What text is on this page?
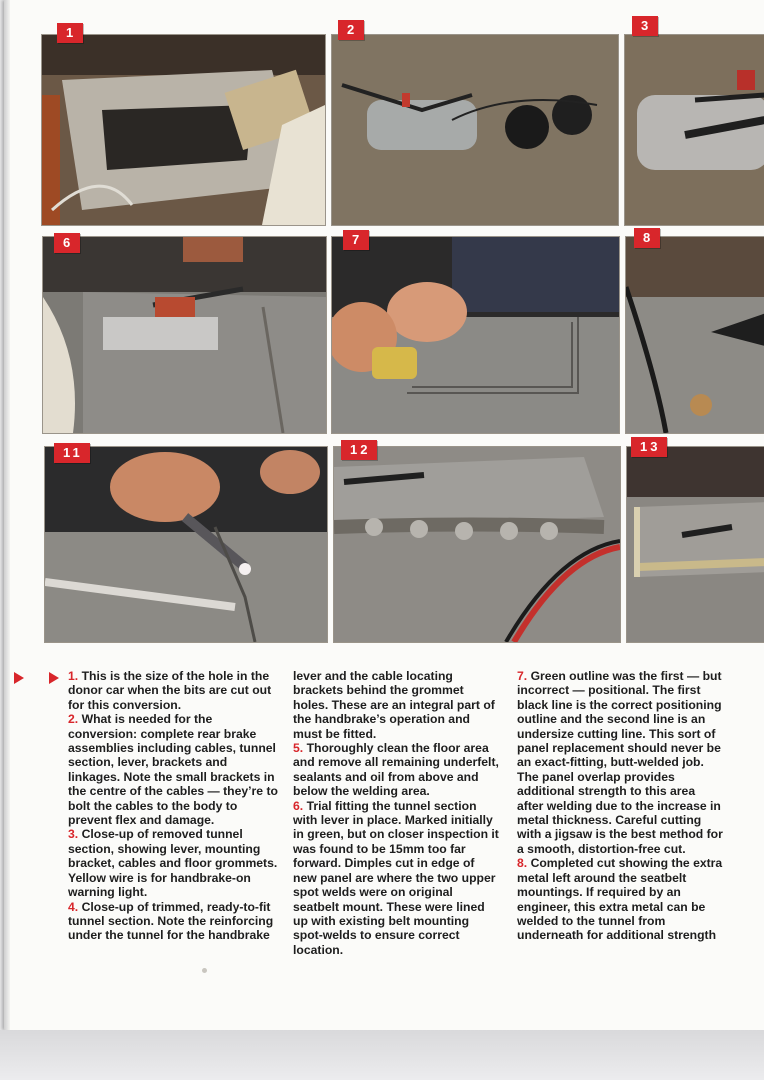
1	2	3
6	7	8
11	12	13

1. This is the size of the hole in the donor car when the bits are cut out for this conversion.

2. What is needed for the conversion: complete rear brake assemblies including cables, tunnel section, lever, brackets and linkages. Note the small brackets in the centre of the cables — they’re to bolt the cables to the body to prevent flex and damage.

3. Close-up of removed tunnel section, showing lever, mounting bracket, cables and floor grommets. Yellow wire is for handbrake-on warning light.

4. Close-up of trimmed, ready-to-fit tunnel section. Note the reinforcing under the tunnel for the handbrake

lever and the cable locating brackets behind the grommet holes. These are an integral part of the handbrake’s operation and must be fitted.

5. Thoroughly clean the floor area and remove all remaining underfelt, sealants and oil from above and below the welding area.

6. Trial fitting the tunnel section with lever in place. Marked initially in green, but on closer inspection it was found to be 15mm too far forward. Dimples cut in edge of new panel are where the two upper spot welds were on original seatbelt mount. These were lined up with existing belt mounting spot-welds to ensure correct location.

7. Green outline was the first — but incorrect — positional. The first black line is the correct positioning outline and the second line is an undersize cutting line. This sort of panel replacement should never be an exact-fitting, butt-welded job. The panel overlap provides additional strength to this area after welding due to the increase in metal thickness. Careful cutting with a jigsaw is the best method for a smooth, distortion-free cut.

8. Completed cut showing the extra metal left around the seatbelt mountings. If required by an engineer, this extra metal can be welded to the tunnel from underneath for additional strength
